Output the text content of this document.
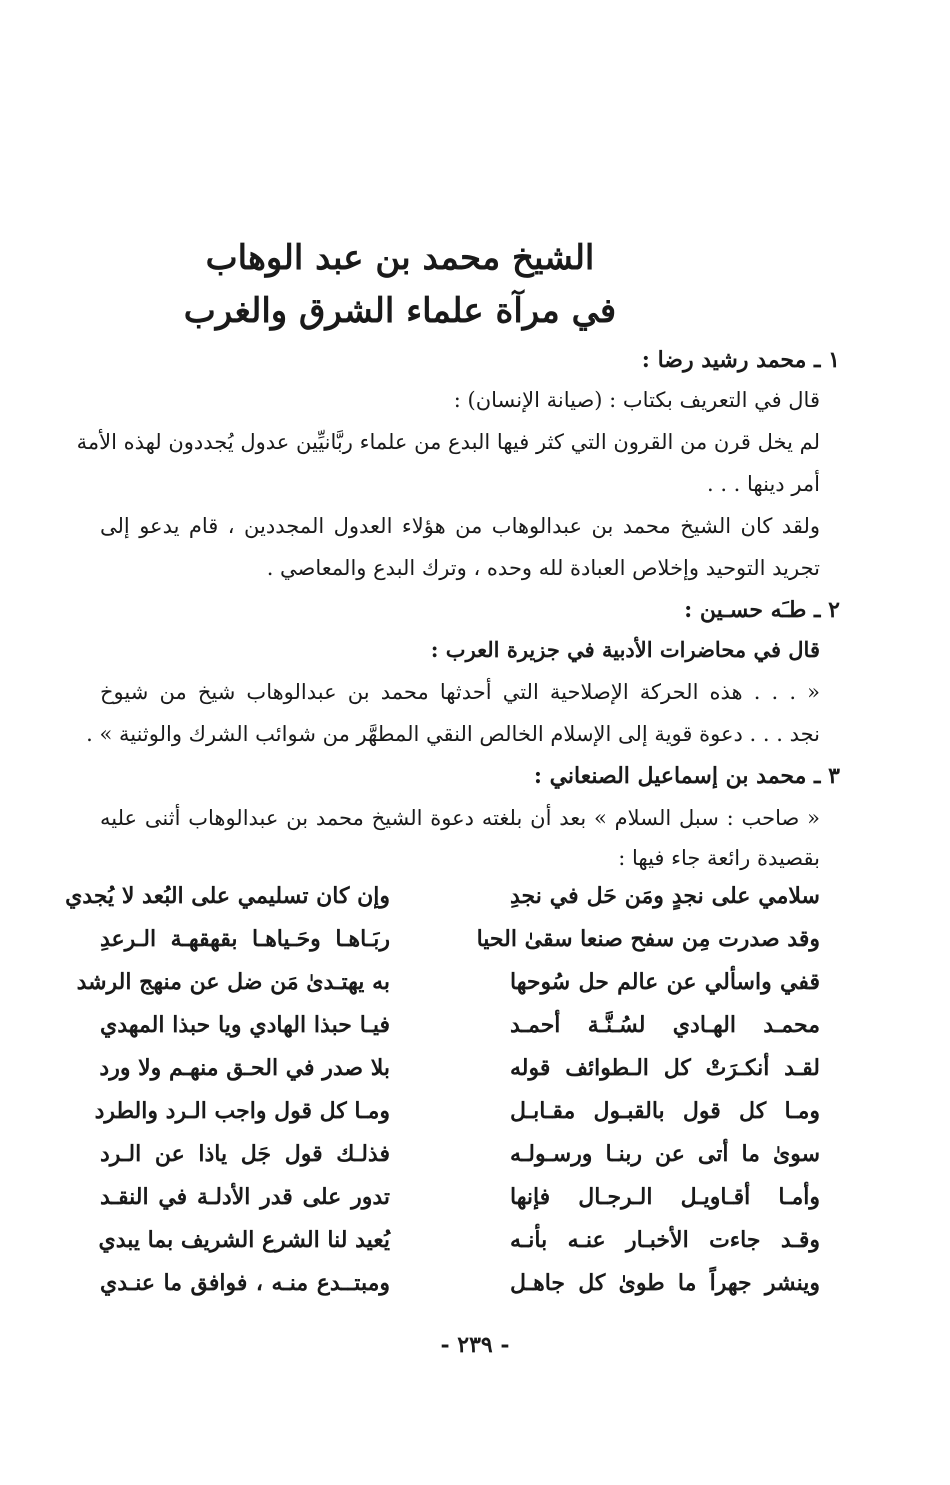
الشيخ محمد بن عبد الوهاب
في مرآة علماء الشرق والغرب
١ ـ محمد رشيد رضا :
قال في التعريف بكتاب : (صيانة الإنسان) :
لم يخل قرن من القرون التي كثر فيها البدع من علماء ربَّانيِّين عدول يُجددون لهذه الأمة
أمر دينها . . .
ولقد كان الشيخ محمد بن عبدالوهاب من هؤلاء العدول المجددين ، قام يدعو إلى
تجريد التوحيد وإخلاص العبادة لله وحده ، وترك البدع والمعاصي .
٢ ـ طـَه حسـين :
قال في محاضرات الأدبية في جزيرة العرب :
« . . . هذه الحركة الإصلاحية التي أحدثها محمد بن عبدالوهاب شيخ من شيوخ
نجد . . . دعوة قوية إلى الإسلام الخالص النقي المطهَّر من شوائب الشرك والوثنية » .
٣ ـ محمد بن إسماعيل الصنعاني :
« صاحب : سبل السلام » بعد أن بلغته دعوة الشيخ محمد بن عبدالوهاب أثنى عليه
بقصيدة رائعة جاء فيها :
سلامي على نجدٍ ومَن حَل في نجدِ
وإن كان تسليمي على البُعد لا يُجدي
وقد صدرت مِن سفح صنعا سقىٰ الحيا
ربَـاهـا وحَـياهـا بقهقهـة الـرعدِ
قفي واسألي عن عالم حل سُوحها
به يهتـدىٰ مَن ضل عن منهج الرشد
محمـد الهـادي لسُـنَّـة أحمـد
فيـا حبذا الهادي ويا حبذا المهدي
لقـد أنكـرَتْ كل الـطوائف قوله
بلا صدر في الحـق منهـم ولا ورد
ومـا كل قول بالقبـول مقـابـل
ومـا كل قول واجب الـرد والطرد
سوىٰ ما أتى عن ربنـا ورسـولـه
فذلـك قول جَل ياذا عن الـرد
وأمـا أقـاويـل الـرجـال فإنها
تدور على قدر الأدلـة في النقـد
وقـد جاءت الأخبـار عنـه بأنـه
يُعيد لنا الشرع الشريف بما يبدي
وينشر جهراً ما طوىٰ كل جاهـل
ومبتــدع منـه ، فوافق ما عنـدي
- ٢٣٩ -
